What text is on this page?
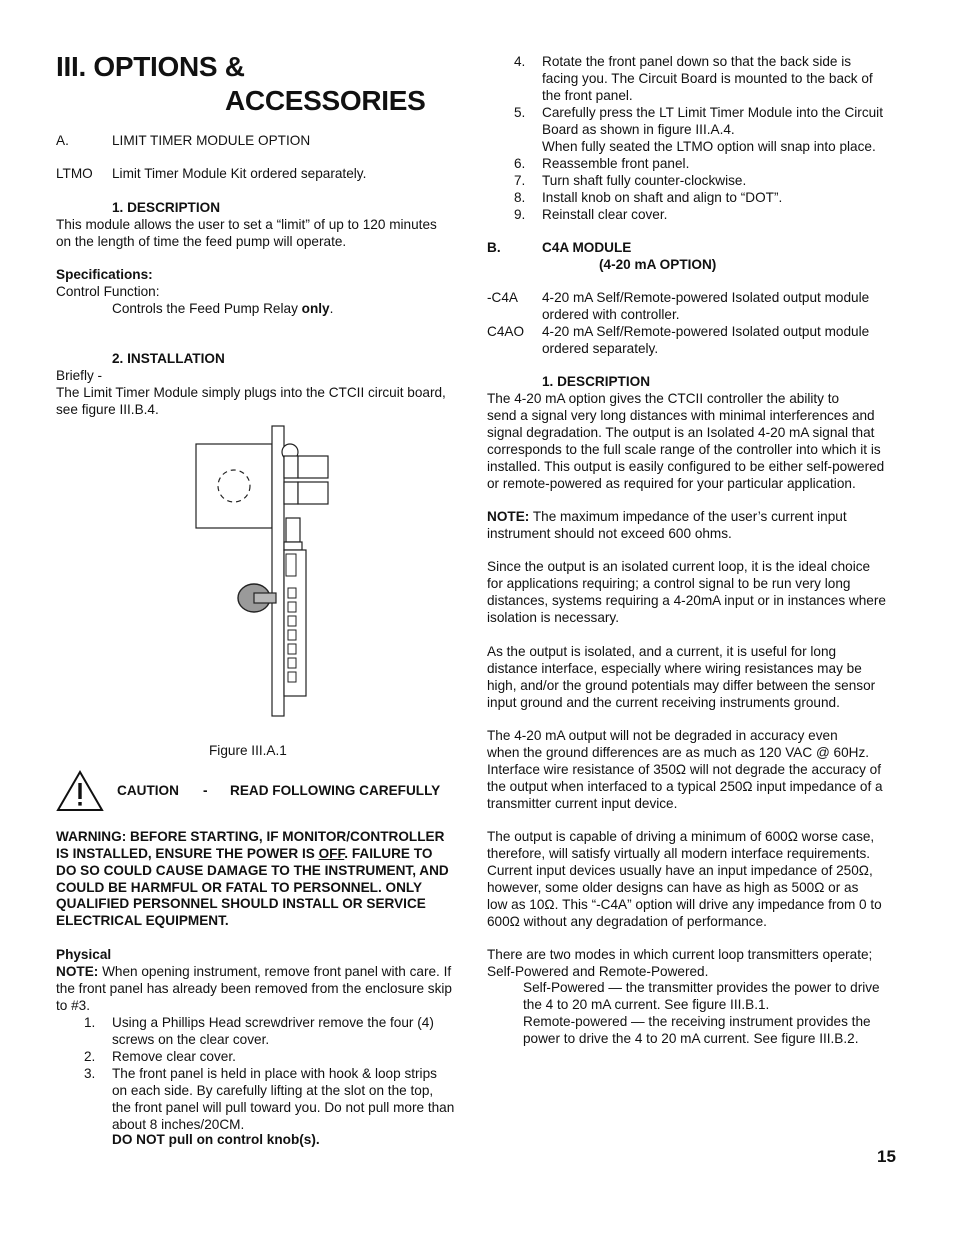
III. OPTIONS &
ACCESSORIES
A.	LIMIT TIMER MODULE OPTION
LTMO Limit Timer Module Kit ordered separately.
1. DESCRIPTION
This module allows the user to set a “limit” of up to 120 minutes
on the length of time the feed pump will operate.
Specifications:
Control Function:
Controls the Feed Pump Relay only.
2. INSTALLATION
Briefly -
The Limit Timer Module simply plugs into the CTCII circuit board,
see figure III.B.4.
Figure III.A.1
CAUTION - READ FOLLOWING CAREFULLY
WARNING: BEFORE STARTING, IF MONITOR/CONTROLLER
IS INSTALLED, ENSURE THE POWER IS OFF. FAILURE TO
DO SO COULD CAUSE DAMAGE TO THE INSTRUMENT, AND
COULD BE HARMFUL OR FATAL TO PERSONNEL. ONLY
QUALIFIED PERSONNEL SHOULD INSTALL OR SERVICE
ELECTRICAL EQUIPMENT.
Physical
NOTE: When opening instrument, remove front panel with care. If
the front panel has already been removed from the enclosure skip
to #3.
1. Using a Phillips Head screwdriver remove the four (4)
screws on the clear cover.
2. Remove clear cover.
3. The front panel is held in place with hook & loop strips
on each side. By carefully lifting at the slot on the top,
the front panel will pull toward you. Do not pull more than
about 8 inches/20CM.
DO NOT pull on control knob(s).
4. Rotate the front panel down so that the back side is
facing you. The Circuit Board is mounted to the back of
the front panel.
5. Carefully press the LT Limit Timer Module into the Circuit
Board as shown in figure III.A.4.
When fully seated the LTMO option will snap into place.
6. Reassemble front panel.
7. Turn shaft fully counter-clockwise.
8. Install knob on shaft and align to “DOT”.
9. Reinstall clear cover.
B.	C4A MODULE
(4-20 mA OPTION)
-C4A 4-20 mA Self/Remote-powered Isolated output module
ordered with controller.
C4AO 4-20 mA Self/Remote-powered Isolated output module
ordered separately.
1. DESCRIPTION
The 4-20 mA option gives the CTCII controller the ability to
send a signal very long distances with minimal interferences and
signal degradation. The output is an Isolated 4-20 mA signal that
corresponds to the full scale range of the controller into which it is
installed. This output is easily configured to be either self-powered
or remote-powered as required for your particular application.
Since the output is an isolated current loop, it is the ideal choice
for applications requiring; a control signal to be run very long
distances, systems requiring a 4-20mA input or in instances where
isolation is necessary.
As the output is isolated, and a current, it is useful for long
distance interface, especially where wiring resistances may be
high, and/or the ground potentials may differ between the sensor
input ground and the current receiving instruments ground.
The 4-20 mA output will not be degraded in accuracy even
when the ground differences are as much as 120 VAC @ 60Hz.
Interface wire resistance of 350Ω will not degrade the accuracy of
the output when interfaced to a typical 250Ω input impedance of a
transmitter current input device.
The output is capable of driving a minimum of 600Ω worse case,
therefore, will satisfy virtually all modern interface requirements.
Current input devices usually have an input impedance of 250Ω,
however, some older designs can have as high as 500Ω or as
low as 10Ω. This “-C4A” option will drive any impedance from 0 to
600Ω without any degradation of performance.
There are two modes in which current loop transmitters operate;
Self-Powered and Remote-Powered.
Self-Powered — the transmitter provides the power to drive
the 4 to 20 mA current. See figure III.B.1.
Remote-powered — the receiving instrument provides the
power to drive the 4 to 20 mA current. See figure III.B.2.
NOTE: The maximum impedance of the user’s current input
instrument should not exceed 600 ohms.
15
